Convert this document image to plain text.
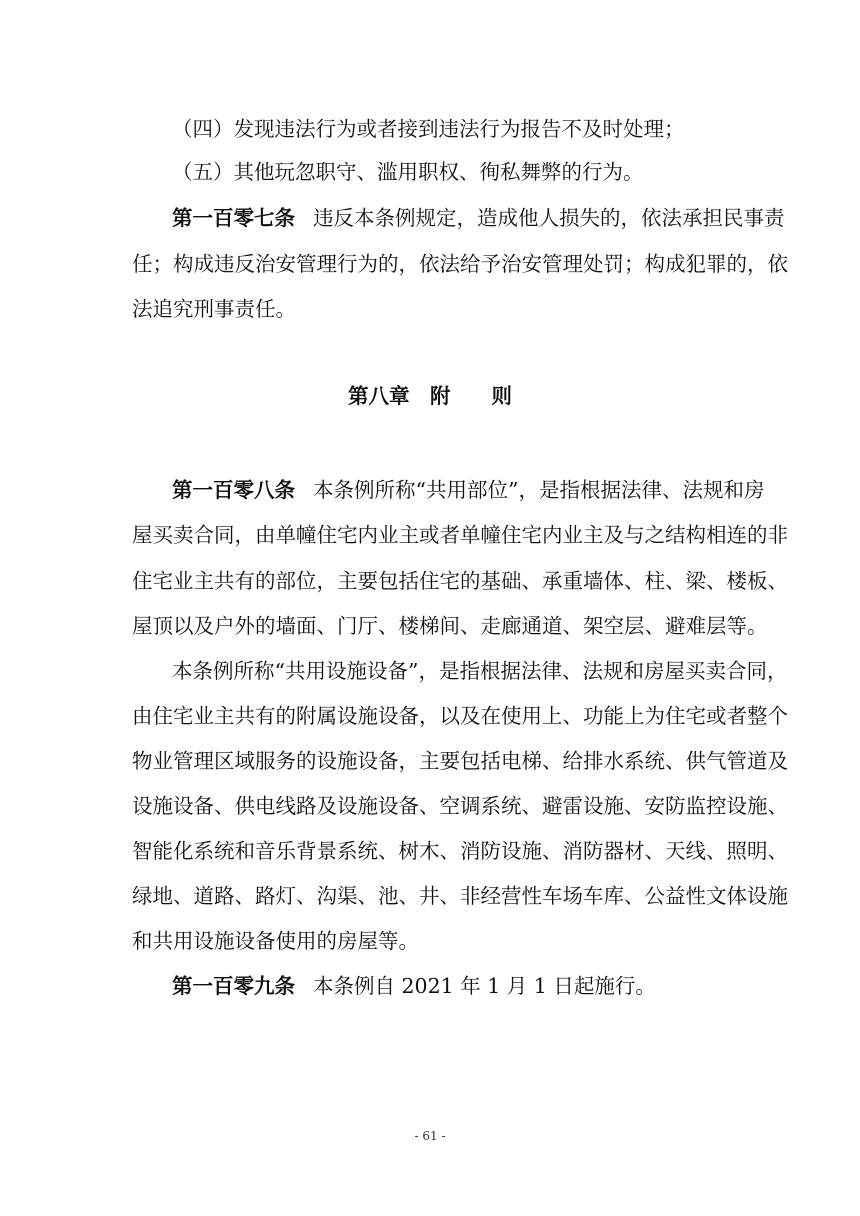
（四）发现违法行为或者接到违法行为报告不及时处理；
（五）其他玩忽职守、滥用职权、徇私舞弊的行为。
第一百零七条 违反本条例规定，造成他人损失的，依法承担民事责
任；构成违反治安管理行为的，依法给予治安管理处罚；构成犯罪的，依
法追究刑事责任。
第八章　附　　则
第一百零八条 本条例所称“共用部位”，是指根据法律、法规和房
屋买卖合同，由单幢住宅内业主或者单幢住宅内业主及与之结构相连的非
住宅业主共有的部位，主要包括住宅的基础、承重墙体、柱、梁、楼板、
屋顶以及户外的墙面、门厅、楼梯间、走廊通道、架空层、避难层等。
本条例所称“共用设施设备”，是指根据法律、法规和房屋买卖合同，
由住宅业主共有的附属设施设备，以及在使用上、功能上为住宅或者整个
物业管理区域服务的设施设备，主要包括电梯、给排水系统、供气管道及
设施设备、供电线路及设施设备、空调系统、避雷设施、安防监控设施、
智能化系统和音乐背景系统、树木、消防设施、消防器材、天线、照明、
绿地、道路、路灯、沟渠、池、井、非经营性车场车库、公益性文体设施
和共用设施设备使用的房屋等。
第一百零九条 本条例自 2021 年 1 月 1 日起施行。
- 61 -
